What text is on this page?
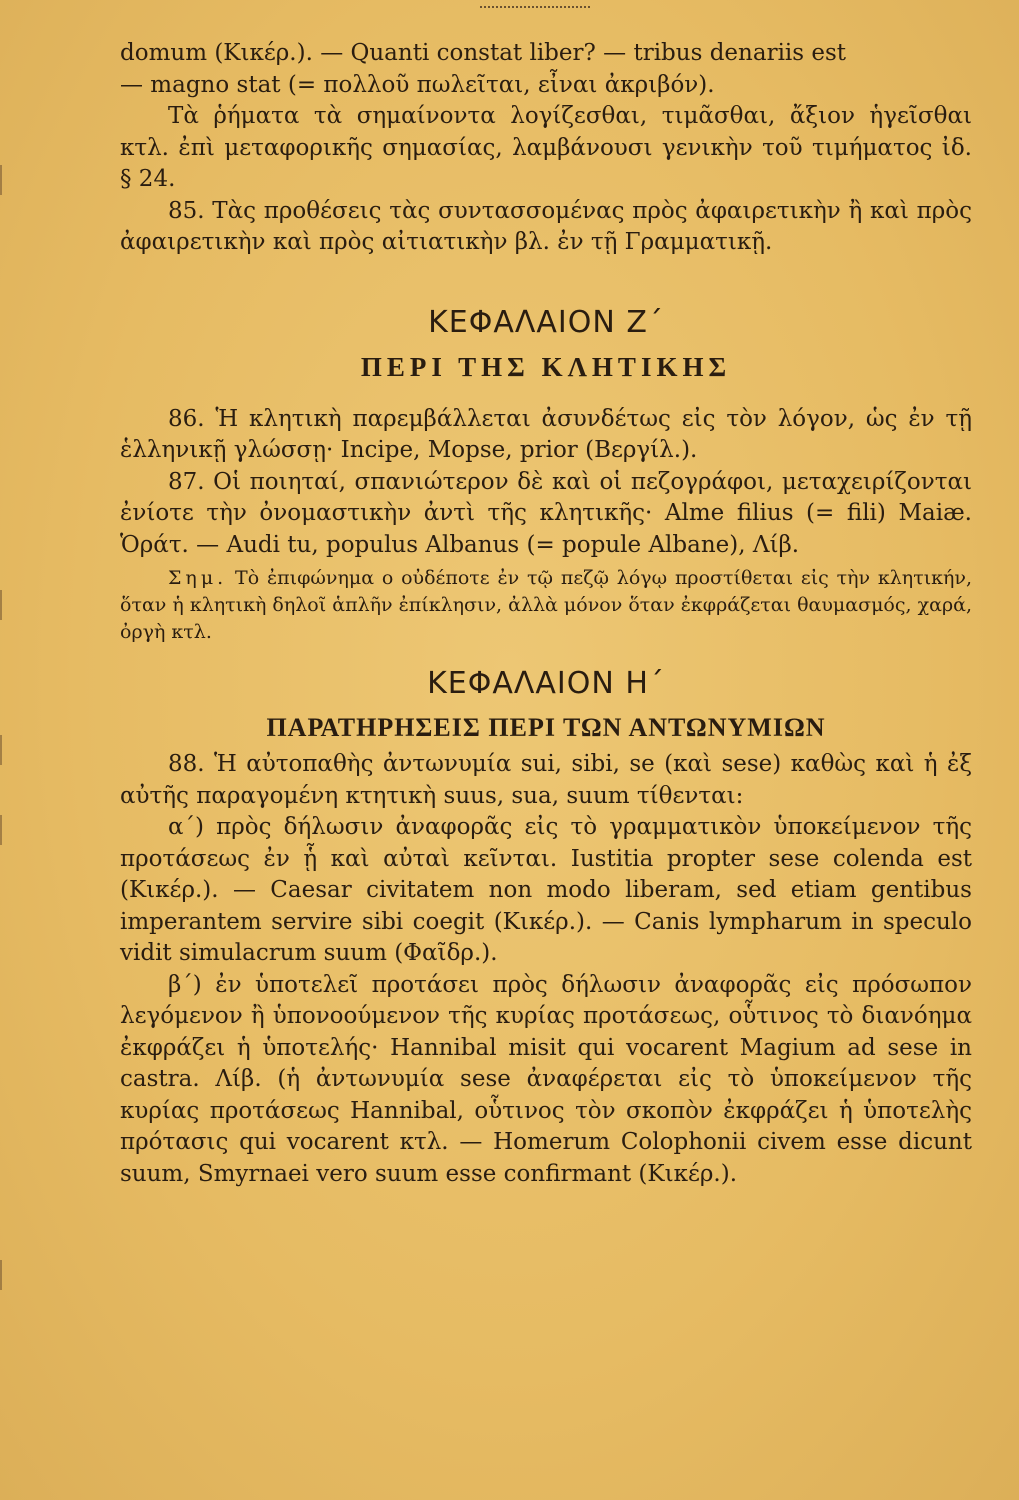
domum (Κικέρ.). — Quanti constat liber? — tribus denariis est

— magno stat (= πολλοῦ πωλεῖται, εἶναι ἀκριβόν).

Τὰ ῥήματα τὰ σημαίνοντα λογίζεσθαι, τιμᾶσθαι, ἄξιον ἡγεῖσθαι κτλ. ἐπὶ μεταφορικῆς σημασίας, λαμβάνουσι γενικὴν τοῦ τιμήματος ἰδ. § 24.

85. Τὰς προθέσεις τὰς συντασσομένας πρὸς ἀφαιρετικὴν ἢ καὶ πρὸς ἀφαιρετικὴν καὶ πρὸς αἰτιατικὴν βλ. ἐν τῇ Γραμματικῇ.

ΚΕΦΑΛΑΙΟΝ Ζ΄
ΠΕΡΙ ΤΗΣ ΚΛΗΤΙΚΗΣ

86. Ἡ κλητικὴ παρεμβάλλεται ἀσυνδέτως εἰς τὸν λόγον, ὡς ἐν τῇ ἑλληνικῇ γλώσσῃ· Incipe, Mopse, prior (Βεργίλ.).

87. Οἱ ποιηταί, σπανιώτερον δὲ καὶ οἱ πεζογράφοι, μεταχειρίζονται ἐνίοτε τὴν ὀνομαστικὴν ἀντὶ τῆς κλητικῆς· Alme filius (= fili) Maiæ. Ὁράτ. — Audi tu, populus Albanus (= popule Albane), Λίβ.

Σημ. Τὸ ἐπιφώνημα o οὐδέποτε ἐν τῷ πεζῷ λόγῳ προστίθεται εἰς τὴν κλητικήν, ὅταν ἡ κλητικὴ δηλοῖ ἁπλῆν ἐπίκλησιν, ἀλλὰ μόνον ὅταν ἐκφράζεται θαυμασμός, χαρά, ὀργὴ κτλ.

ΚΕΦΑΛΑΙΟΝ Η΄
ΠΑΡΑΤΗΡΗΣΕΙΣ ΠΕΡΙ ΤΩΝ ΑΝΤΩΝΥΜΙΩΝ

88. Ἡ αὐτοπαθὴς ἀντωνυμία sui, sibi, se (καὶ sese) καθὼς καὶ ἡ ἐξ αὐτῆς παραγομένη κτητικὴ suus, sua, suum τίθενται:

α΄) πρὸς δήλωσιν ἀναφορᾶς εἰς τὸ γραμματικὸν ὑποκείμενον τῆς προτάσεως ἐν ᾗ καὶ αὐταὶ κεῖνται. Iustitia propter sese colenda est (Κικέρ.). — Caesar civitatem non modo liberam, sed etiam gentibus imperantem servire sibi coegit (Κικέρ.). — Canis lympharum in speculo vidit simulacrum suum (Φαῖδρ.).

β΄) ἐν ὑποτελεῖ προτάσει πρὸς δήλωσιν ἀναφορᾶς εἰς πρόσωπον λεγόμενον ἢ ὑπονοούμενον τῆς κυρίας προτάσεως, οὗτινος τὸ διανόημα ἐκφράζει ἡ ὑποτελής· Hannibal misit qui vocarent Magium ad sese in castra. Λίβ. (ἡ ἀντωνυμία sese ἀναφέρεται εἰς τὸ ὑποκείμενον τῆς κυρίας προτάσεως Hannibal, οὗτινος τὸν σκοπὸν ἐκφράζει ἡ ὑποτελὴς πρότασις qui vocarent κτλ. — Homerum Colophonii civem esse dicunt suum, Smyrnaei vero suum esse confirmant (Κικέρ.).
